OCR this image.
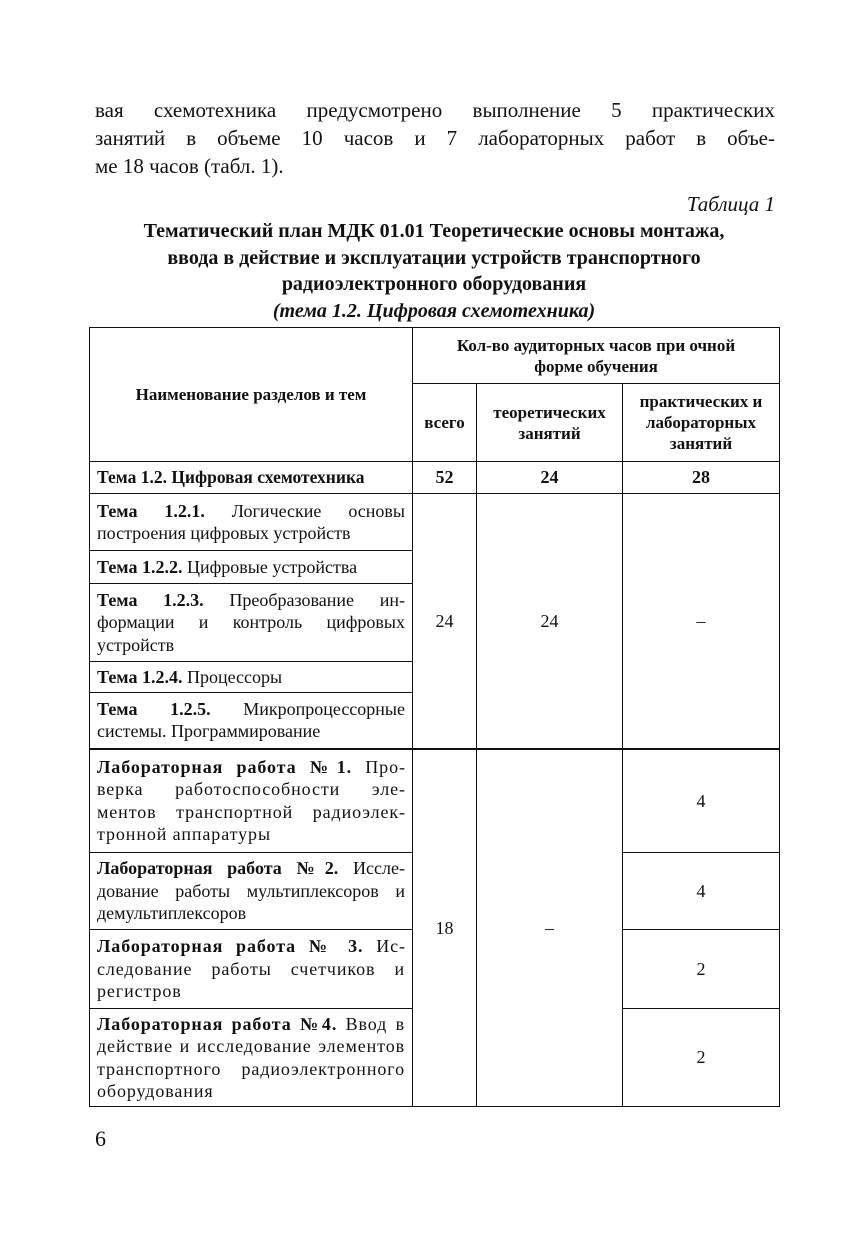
вая схемотехника предусмотрено выполнение 5 практических
занятий в объеме 10 часов и 7 лабораторных работ в объе-
ме 18 часов (табл. 1).
Таблица 1
Тематический план МДК 01.01 Теоретические основы монтажа,
ввода в действие и эксплуатации устройств транспортного
радиоэлектронного оборудования
(тема 1.2. Цифровая схемотехника)
Наименование разделов и тем	Кол-во аудиторных часов при очной форме обучения		
	всего	теоретических занятий	практических и лабораторных занятий
Тема 1.2. Цифровая схемотехника	52	24	28
Тема 1.2.1. Логические основы построения цифровых устройств	24	24	–
Тема 1.2.2. Цифровые устройства			
Тема 1.2.3. Преобразование информации и контроль цифровых устройств			
Тема 1.2.4. Процессоры			
Тема 1.2.5. Микропроцессорные системы. Программирование			
Лабораторная работа №1. Проверка работоспособности элементов транспортной радиоэлектронной аппаратуры	18	–	4
Лабораторная работа №2. Исследование работы мультиплексоров и демультиплексоров			4
Лабораторная работа № 3. Исследование работы счетчиков и регистров			2
Лабораторная работа №4. Ввод в действие и исследование элементов транспортного радиоэлектронного оборудования			2
6
